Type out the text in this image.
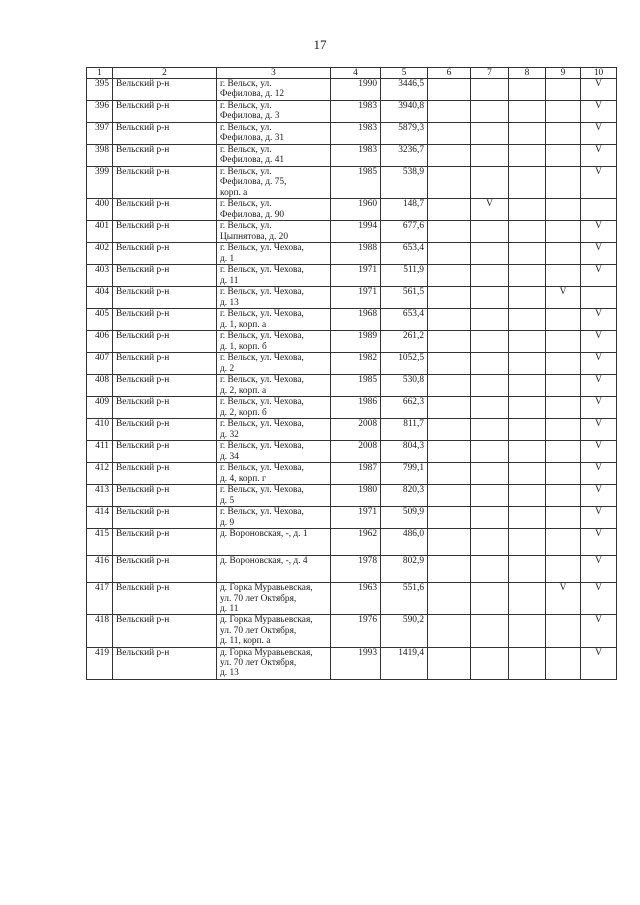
17
1	2	3	4	5	6	7	8	9	10
395	Вельский р-н	г. Вельск, ул.
Фефилова, д. 12	1990	3446,5					V
396	Вельский р-н	г. Вельск, ул.
Фефилова, д. 3	1983	3940,8					V
397	Вельский р-н	г. Вельск, ул.
Фефилова, д. 31	1983	5879,3					V
398	Вельский р-н	г. Вельск, ул.
Фефилова, д. 41	1983	3236,7					V
399	Вельский р-н	г. Вельск, ул.
Фефилова, д. 75,
корп. а	1985	538,9					V
400	Вельский р-н	г. Вельск, ул.
Фефилова, д. 90	1960	148,7		V			
401	Вельский р-н	г. Вельск, ул.
Цыпнятова, д. 20	1994	677,6					V
402	Вельский р-н	г. Вельск, ул. Чехова,
д. 1	1988	653,4					V
403	Вельский р-н	г. Вельск, ул. Чехова,
д. 11	1971	511,9					V
404	Вельский р-н	г. Вельск, ул. Чехова,
д. 13	1971	561,5				V	
405	Вельский р-н	г. Вельск, ул. Чехова,
д. 1, корп. а	1968	653,4					V
406	Вельский р-н	г. Вельск, ул. Чехова,
д. 1, корп. б	1989	261,2					V
407	Вельский р-н	г. Вельск, ул. Чехова,
д. 2	1982	1052,5					V
408	Вельский р-н	г. Вельск, ул. Чехова,
д. 2, корп. а	1985	530,8					V
409	Вельский р-н	г. Вельск, ул. Чехова,
д. 2, корп. б	1986	662,3					V
410	Вельский р-н	г. Вельск, ул. Чехова,
д. 32	2008	811,7					V
411	Вельский р-н	г. Вельск, ул. Чехова,
д. 34	2008	804,3					V
412	Вельский р-н	г. Вельск, ул. Чехова,
д. 4, корп. г	1987	799,1					V
413	Вельский р-н	г. Вельск, ул. Чехова,
д. 5	1980	820,3					V
414	Вельский р-н	г. Вельск, ул. Чехова,
д. 9	1971	509,9					V
415	Вельский р-н	д. Вороновская, -, д. 1	1962	486,0					V
416	Вельский р-н	д. Вороновская, -, д. 4	1978	802,9					V
417	Вельский р-н	д. Горка Муравьевская,
ул. 70 лет Октября,
д. 11	1963	551,6				V	V
418	Вельский р-н	д. Горка Муравьевская,
ул. 70 лет Октября,
д. 11, корп. а	1976	590,2					V
419	Вельский р-н	д. Горка Муравьевская,
ул. 70 лет Октября,
д. 13	1993	1419,4					V
